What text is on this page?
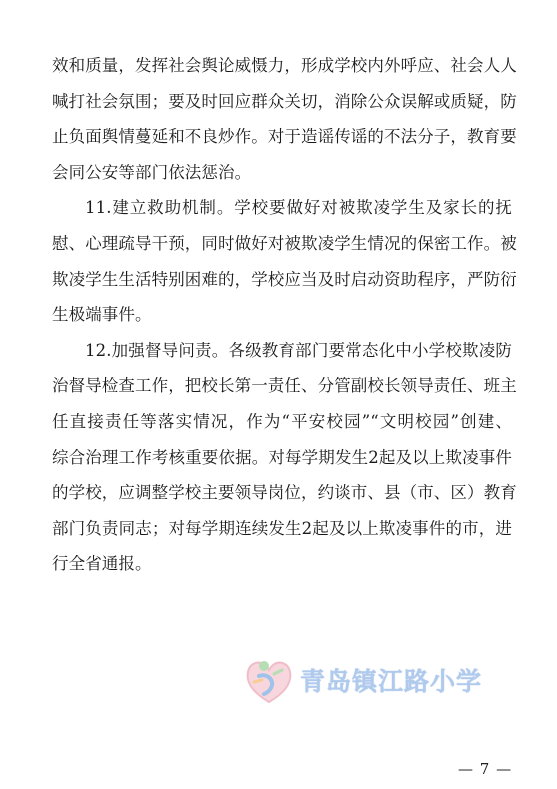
效和质量，发挥社会舆论威慑力，形成学校内外呼应、社会人人
喊打社会氛围；要及时回应群众关切，消除公众误解或质疑，防
止负面舆情蔓延和不良炒作。对于造谣传谣的不法分子，教育要
会同公安等部门依法惩治。
11.建立救助机制。学校要做好对被欺凌学生及家长的抚
慰、心理疏导干预，同时做好对被欺凌学生情况的保密工作。被
欺凌学生生活特别困难的，学校应当及时启动资助程序，严防衍
生极端事件。
12.加强督导问责。各级教育部门要常态化中小学校欺凌防
治督导检查工作，把校长第一责任、分管副校长领导责任、班主
任直接责任等落实情况，作为“平安校园”“文明校园”创建、
综合治理工作考核重要依据。对每学期发生2起及以上欺凌事件
的学校，应调整学校主要领导岗位，约谈市、县（市、区）教育
部门负责同志；对每学期连续发生2起及以上欺凌事件的市，进
行全省通报。
青岛镇江路小学
— 7 —
